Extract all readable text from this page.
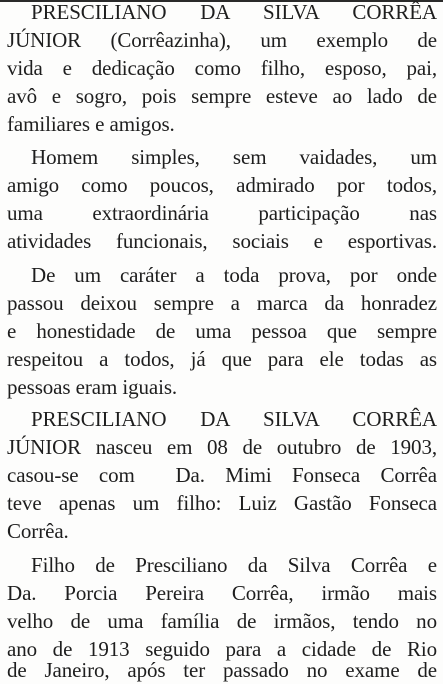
PRESCILIANO DA SILVA CORRÊA
JÚNIOR (Corrêazinha), um exemplo de
vida e dedicação como filho, esposo, pai,
avô e sogro, pois sempre esteve ao lado de
familiares e amigos.
Homem simples, sem vaidades, um
amigo como poucos, admirado por todos,
uma extraordinária participação nas
atividades funcionais, sociais e esportivas.
De um caráter a toda prova, por onde
passou deixou sempre a marca da honradez
e honestidade de uma pessoa que sempre
respeitou a todos, já que para ele todas as
pessoas eram iguais.
PRESCILIANO DA SILVA CORRÊA
JÚNIOR nasceu em 08 de outubro de 1903,
casou-se com  Da. Mimi Fonseca Corrêa
teve apenas um filho: Luiz Gastão Fonseca
Corrêa.
Filho de Presciliano da Silva Corrêa e
Da. Porcia Pereira Corrêa, irmão mais
velho de uma família de irmãos, tendo no
ano de 1913 seguido para a cidade de Rio
de Janeiro, após ter passado no exame de
